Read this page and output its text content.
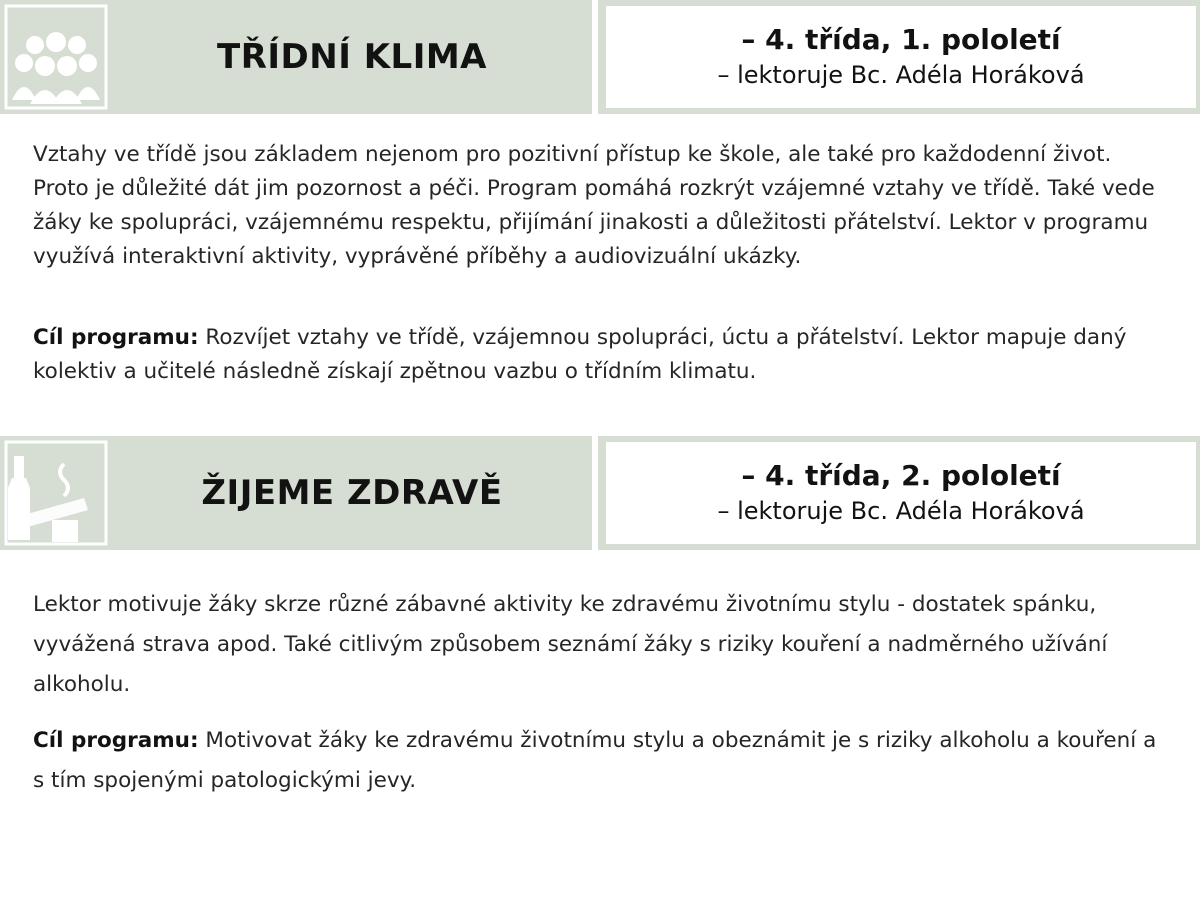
TŘÍDNÍ KLIMA	– 4. třída, 1. pololetí
– lektoruje Bc. Adéla Horáková

Vztahy ve třídě jsou základem nejenom pro pozitivní přístup ke škole, ale také pro každodenní život. Proto je důležité dát jim pozornost a péči. Program pomáhá rozkrýt vzájemné vztahy ve třídě. Také vede žáky ke spolupráci, vzájemnému respektu, přijímání jinakosti a důležitosti přátelství. Lektor v programu využívá interaktivní aktivity, vyprávěné příběhy a audiovizuální ukázky.

Cíl programu: Rozvíjet vztahy ve třídě, vzájemnou spolupráci, úctu a přátelství. Lektor mapuje daný kolektiv a učitelé následně získají zpětnou vazbu o třídním klimatu.

ŽIJEME ZDRAVĚ	– 4. třída, 2. pololetí
– lektoruje Bc. Adéla Horáková

Lektor motivuje žáky skrze různé zábavné aktivity ke zdravému životnímu stylu - dostatek spánku, vyvážená strava apod. Také citlivým způsobem seznámí žáky s riziky kouření a nadměrného užívání alkoholu.

Cíl programu: Motivovat žáky ke zdravému životnímu stylu a obeznámit je s riziky alkoholu a kouření a s tím spojenými patologickými jevy.
